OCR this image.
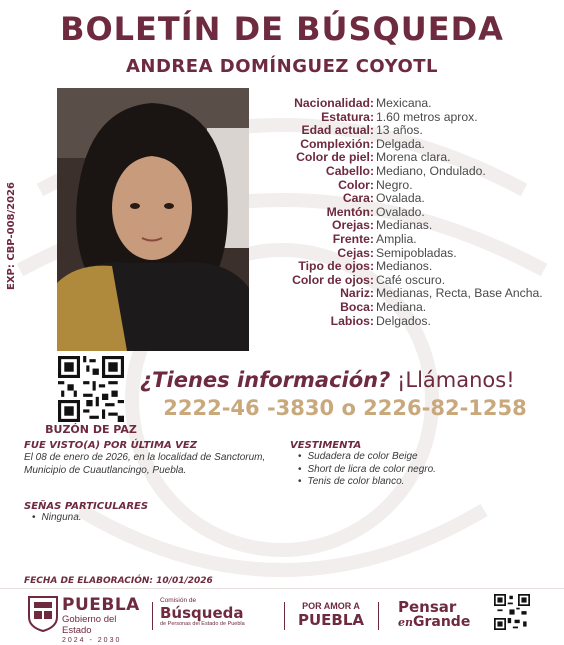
BOLETÍN DE BÚSQUEDA
ANDREA DOMÍNGUEZ COYOTL
EXP: CBP-008/2026
Nacionalidad: Mexicana.
Estatura: 1.60 metros aprox.
Edad actual: 13 años.
Complexión: Delgada.
Color de piel: Morena clara.
Cabello: Mediano, Ondulado.
Color: Negro.
Cara: Ovalada.
Mentón: Ovalado.
Orejas: Medianas.
Frente: Amplia.
Cejas: Semipobladas.
Tipo de ojos: Medianos.
Color de ojos: Café oscuro.
Nariz: Medianas, Recta, Base Ancha.
Boca: Mediana.
Labios: Delgados.
BUZÓN DE PAZ
¿Tienes información? ¡Llámanos!
2222-46 -3830 o 2226-82-1258
FUE VISTO(A) POR ÚLTIMA VEZ
El 08 de enero de 2026, en la localidad de Sanctorum, Municipio de Cuautlancingo, Puebla.
VESTIMENTA
• Sudadera de color Beige
• Short de licra de color negro.
• Tenis de color blanco.
SEÑAS PARTICULARES
• Ninguna.
FECHA DE ELABORACIÓN: 10/01/2026
PUEBLA
Gobierno del Estado
2024 - 2030
Comisión de
Búsqueda
de Personas del Estado de Puebla
POR AMOR A
PUEBLA
Pensar
enGrande
